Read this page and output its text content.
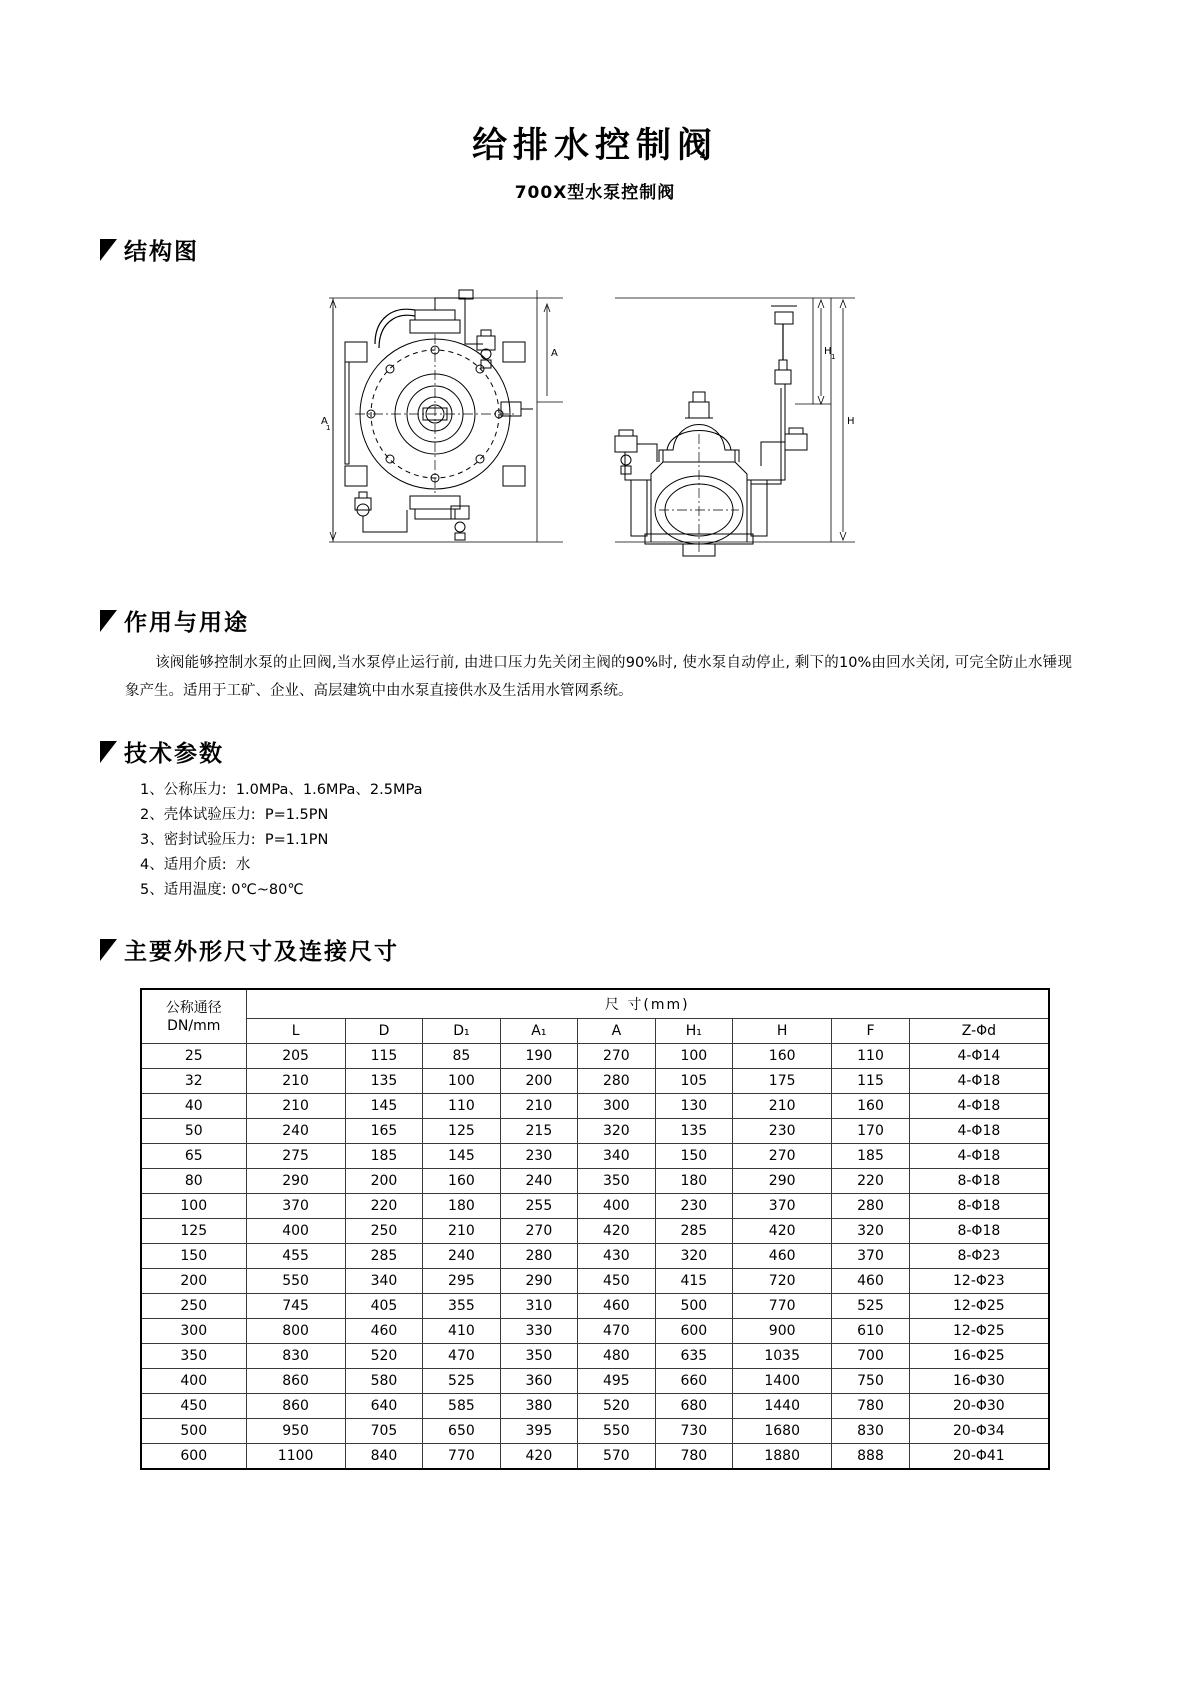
给排水控制阀
700X型水泵控制阀
结构图
A
1
A
H
H 1
作用与用途
该阀能够控制水泵的止回阀,当水泵停止运行前, 由进口压力先关闭主阀的90%时, 使水泵自动停止, 剩下的10%由回水关闭, 可完全防止水锤现象产生。适用于工矿、企业、高层建筑中由水泵直接供水及生活用水管网系统。
技术参数
1、公称压力:  1.0MPa、1.6MPa、2.5MPa
2、壳体试验压力:  P=1.5PN
3、密封试验压力:  P=1.1PN
4、适用介质:  水
5、适用温度: 0℃~80℃
主要外形尺寸及连接尺寸
公称通径
DN/mm	尺 寸(mm)								
	L	D	D₁	A₁	A	H₁	H	F	Z-Φd
25	205	115	85	190	270	100	160	110	4-Φ14
32	210	135	100	200	280	105	175	115	4-Φ18
40	210	145	110	210	300	130	210	160	4-Φ18
50	240	165	125	215	320	135	230	170	4-Φ18
65	275	185	145	230	340	150	270	185	4-Φ18
80	290	200	160	240	350	180	290	220	8-Φ18
100	370	220	180	255	400	230	370	280	8-Φ18
125	400	250	210	270	420	285	420	320	8-Φ18
150	455	285	240	280	430	320	460	370	8-Φ23
200	550	340	295	290	450	415	720	460	12-Φ23
250	745	405	355	310	460	500	770	525	12-Φ25
300	800	460	410	330	470	600	900	610	12-Φ25
350	830	520	470	350	480	635	1035	700	16-Φ25
400	860	580	525	360	495	660	1400	750	16-Φ30
450	860	640	585	380	520	680	1440	780	20-Φ30
500	950	705	650	395	550	730	1680	830	20-Φ34
600	1100	840	770	420	570	780	1880	888	20-Φ41
